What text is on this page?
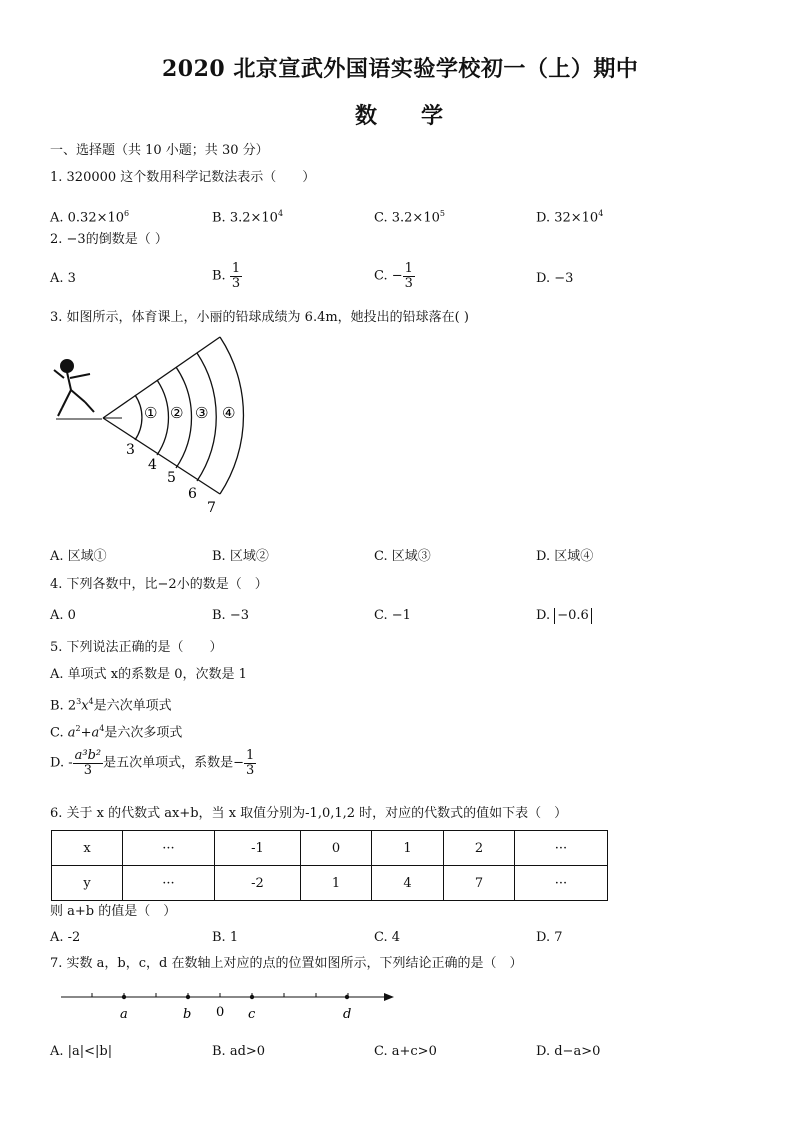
2020 北京宣武外国语实验学校初一（上）期中
数　　学
一、选择题（共 10 小题；共 30 分）
1. 320000 这个数用科学记数法表示（　　）
A. $0.32\times 10^6$	B. $3.2\times 10^4$	C. $3.2\times 10^5$	D. $32\times 10^4$
2. −3的倒数是（ ）
A. 3	B. $\frac{1}{3}$	C. − $\frac{1}{3}$	D. −3
3. 如图所示，体育课上，小丽的铅球成绩为 6.4m，她投出的铅球落在( )
① ② ③ ④
3
4
5
6
7
A. 区域①	B. 区域②	C. 区域③	D. 区域④
4. 下列各数中，比−2小的数是（　）
A. 0	B. −3	C. −1	D. −0.6
5. 下列说法正确的是（　　）
A. 单项式 x的系数是 0，次数是 1
B. $2^3x^4$是六次单项式
C. $a^2+a^4$是六次多项式
D. - $\frac{\text{a³b²}}{3}$ 是五次单项式，系数是− $\frac{1}{3}$
6. 关于 x 的代数式 ax+b，当 x 取值分别为-1,0,1,2 时，对应的代数式的值如下表（　）
x	···	-1	0	1	2	···
y	···	-2	1	4	7	···
则 a+b 的值是（　）
A. -2	B. 1	C. 4	D. 7
7. 实数 a，b，c，d 在数轴上对应的点的位置如图所示，下列结论正确的是（　）
a	b 0 c	d
A. |a|<|b|	B. ad>0	C. a+c>0	D. d−a>0
